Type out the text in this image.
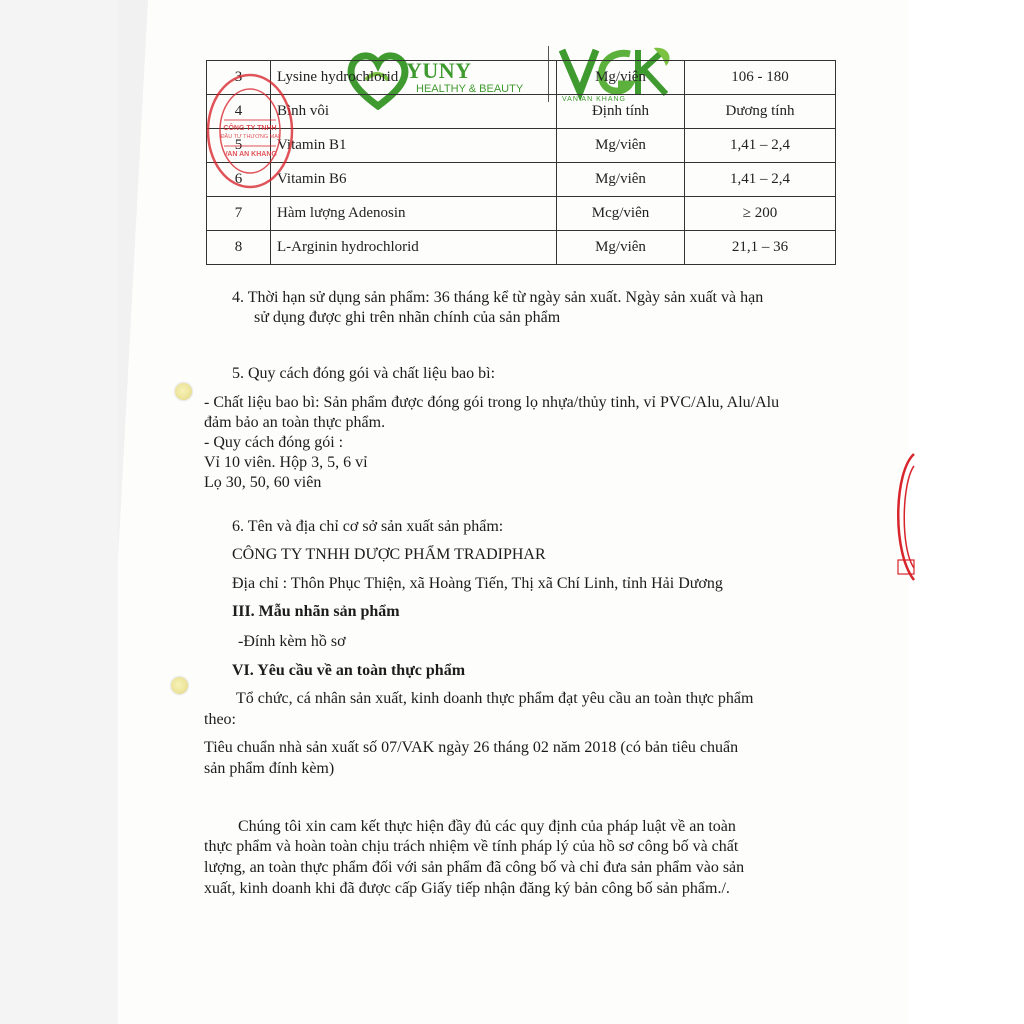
YUNY
HEALTHY & BEAUTY
VAN AN KHANG
3	Lysine hydrochlorid	Mg/viên	106 - 180
4	Bình vôi	Định tính	Dương tính
5	Vitamin B1	Mg/viên	1,41 – 2,4
6	Vitamin B6	Mg/viên	1,41 – 2,4
7	Hàm lượng Adenosin	Mcg/viên	≥ 200
8	L-Arginin hydrochlorid	Mg/viên	21,1 – 36
CÔNG TY TNHH
ĐẦU TƯ THƯƠNG MẠI
VAN AN KHANG
4. Thời hạn sử dụng sản phẩm: 36 tháng kể từ ngày sản xuất. Ngày sản xuất và hạn
sử dụng được ghi trên nhãn chính của sản phẩm
5. Quy cách đóng gói và chất liệu bao bì:
- Chất liệu bao bì: Sản phẩm được đóng gói trong lọ nhựa/thủy tinh, vỉ PVC/Alu, Alu/Alu
đảm bảo an toàn thực phẩm.
- Quy cách đóng gói :
Vỉ 10 viên. Hộp 3, 5, 6 vỉ
Lọ 30, 50, 60 viên
6. Tên và địa chỉ cơ sở sản xuất sản phẩm:
CÔNG TY TNHH DƯỢC PHẨM TRADIPHAR
Địa chỉ : Thôn Phục Thiện, xã Hoàng Tiến, Thị xã Chí Linh, tỉnh Hải Dương
III. Mẫu nhãn sản phẩm
-Đính kèm hồ sơ
VI. Yêu cầu về an toàn thực phẩm
Tổ chức, cá nhân sản xuất, kinh doanh thực phẩm đạt yêu cầu an toàn thực phẩm
theo:
Tiêu chuẩn nhà sản xuất số 07/VAK ngày 26 tháng 02 năm 2018 (có bản tiêu chuẩn
sản phẩm đính kèm)
Chúng tôi xin cam kết thực hiện đầy đủ các quy định của pháp luật về an toàn
thực phẩm và hoàn toàn chịu trách nhiệm về tính pháp lý của hồ sơ công bố và chất
lượng, an toàn thực phẩm đối với sản phẩm đã công bố và chỉ đưa sản phẩm vào sản
xuất, kinh doanh khi đã được cấp Giấy tiếp nhận đăng ký bản công bố sản phẩm./.
